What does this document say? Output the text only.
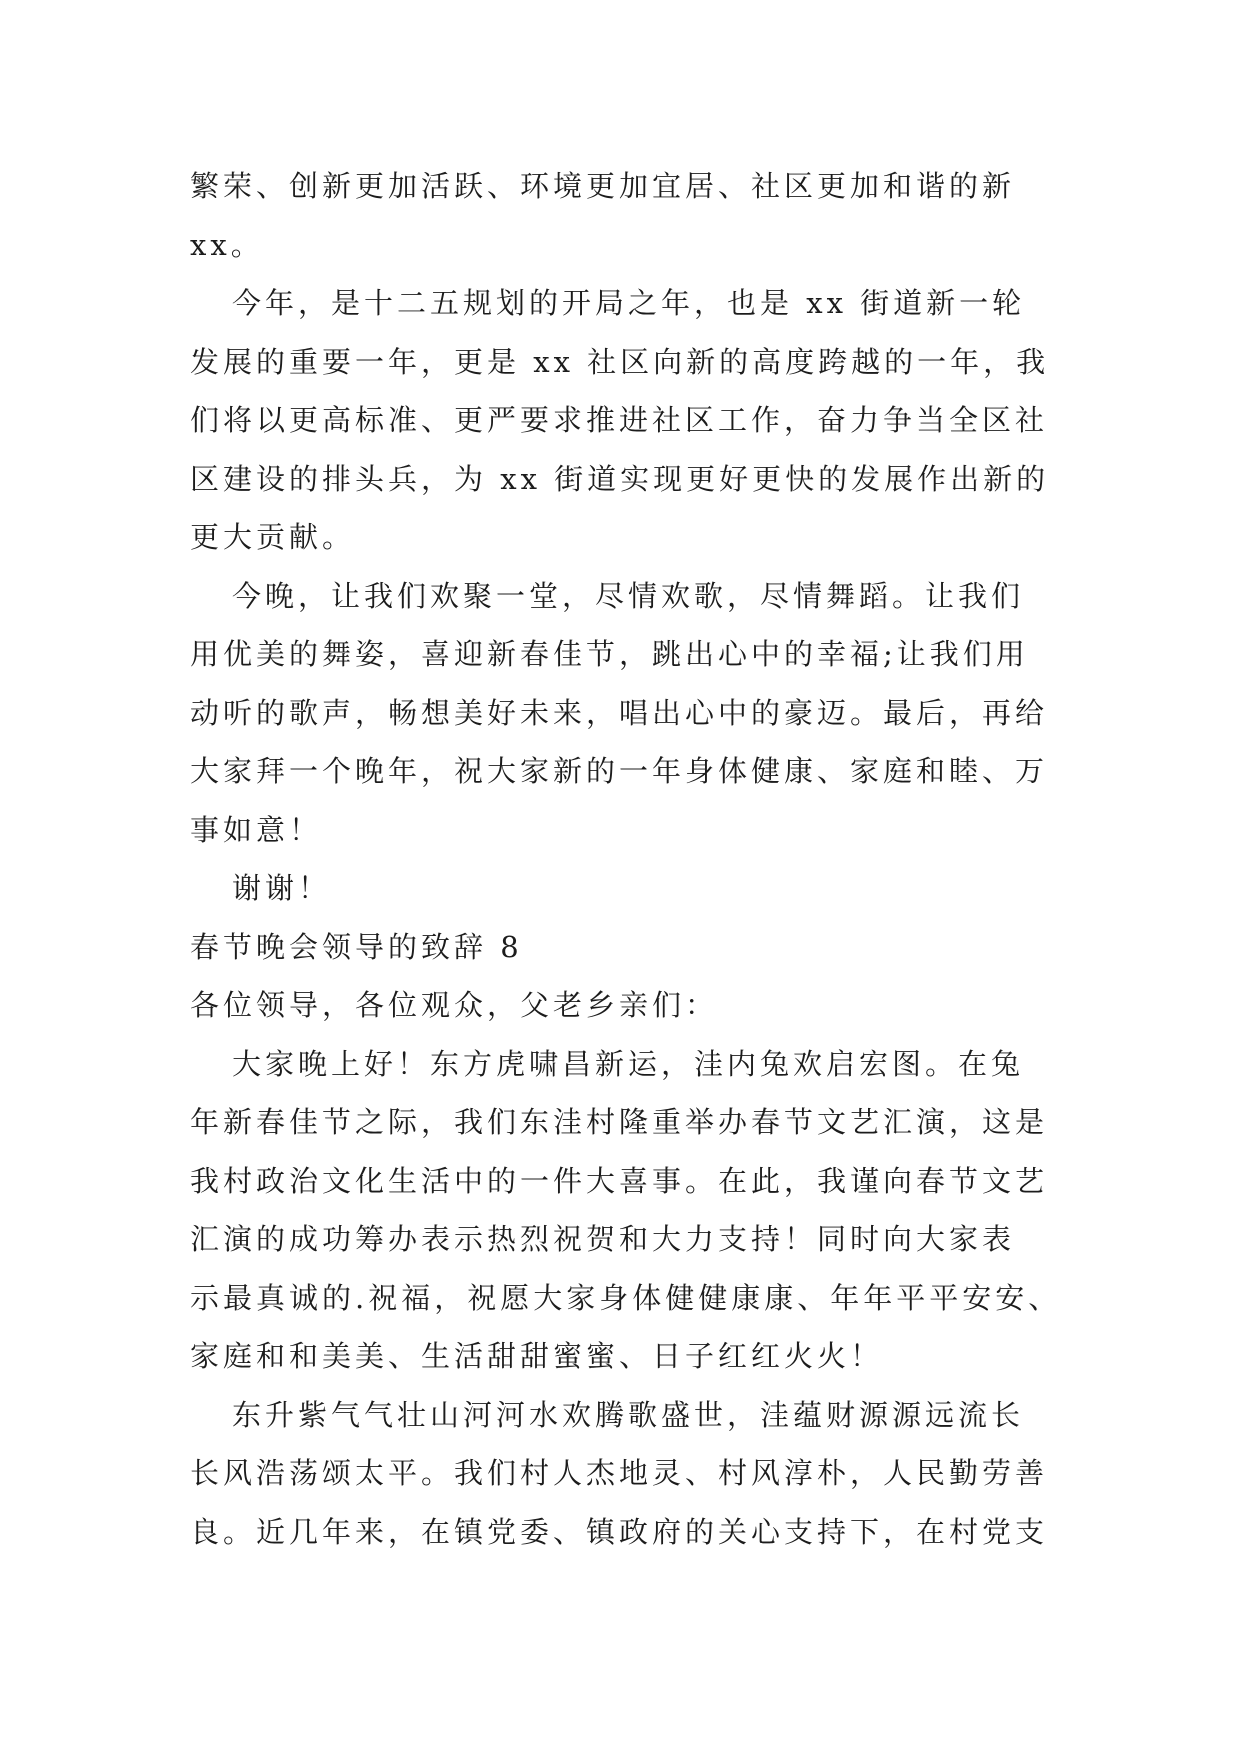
繁荣、创新更加活跃、环境更加宜居、社区更加和谐的新
xx。
今年，是十二五规划的开局之年，也是 xx 街道新一轮
发展的重要一年，更是 xx 社区向新的高度跨越的一年，我
们将以更高标准、更严要求推进社区工作，奋力争当全区社
区建设的排头兵，为 xx 街道实现更好更快的发展作出新的
更大贡献。
今晚，让我们欢聚一堂，尽情欢歌，尽情舞蹈。让我们
用优美的舞姿，喜迎新春佳节，跳出心中的幸福;让我们用
动听的歌声，畅想美好未来，唱出心中的豪迈。最后，再给
大家拜一个晚年，祝大家新的一年身体健康、家庭和睦、万
事如意！
谢谢！
春节晚会领导的致辞 8
各位领导，各位观众，父老乡亲们：
大家晚上好！东方虎啸昌新运，洼内兔欢启宏图。在兔
年新春佳节之际，我们东洼村隆重举办春节文艺汇演，这是
我村政治文化生活中的一件大喜事。在此，我谨向春节文艺
汇演的成功筹办表示热烈祝贺和大力支持！同时向大家表
示最真诚的.祝福，祝愿大家身体健健康康、年年平平安安、
家庭和和美美、生活甜甜蜜蜜、日子红红火火！
东升紫气气壮山河河水欢腾歌盛世，洼蕴财源源远流长
长风浩荡颂太平。我们村人杰地灵、村风淳朴，人民勤劳善
良。近几年来，在镇党委、镇政府的关心支持下，在村党支
